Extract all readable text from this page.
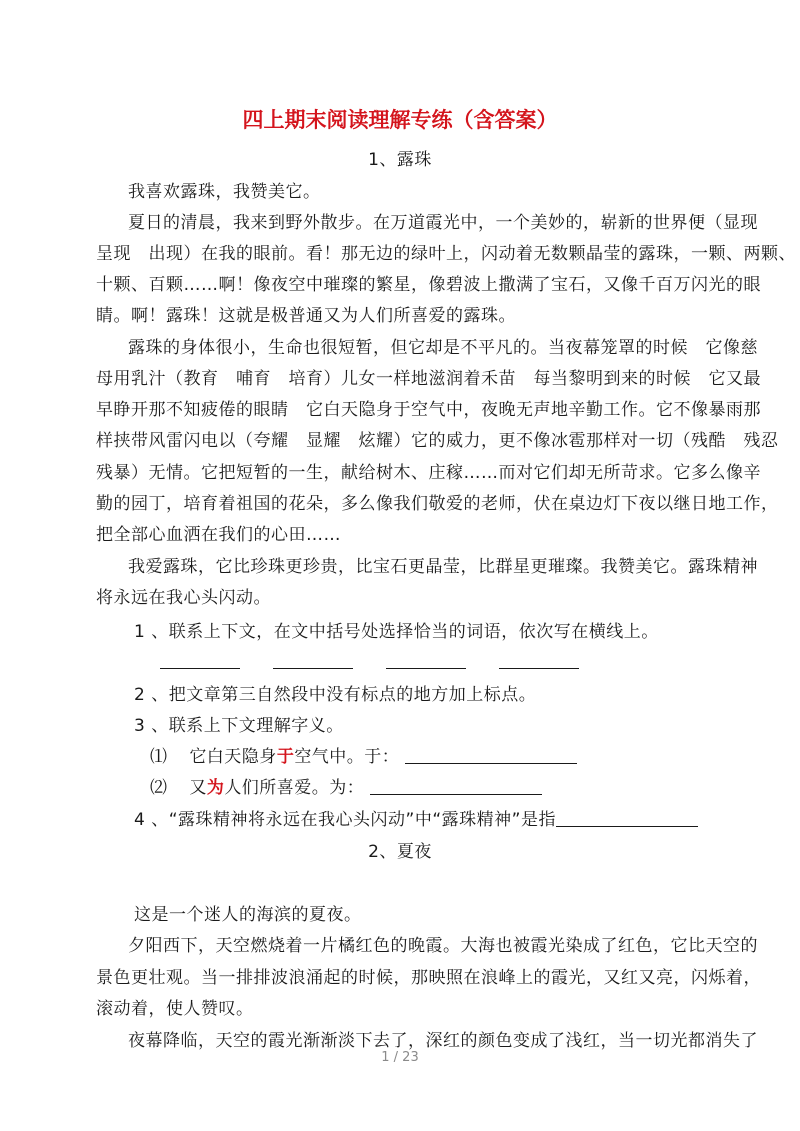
四上期末阅读理解专练（含答案）
1、露珠
我喜欢露珠，我赞美它。
夏日的清晨，我来到野外散步。在万道霞光中，一个美妙的，崭新的世界便（显现
呈现　出现）在我的眼前。看！那无边的绿叶上，闪动着无数颗晶莹的露珠，一颗、两颗、
十颗、百颗……啊！像夜空中璀璨的繁星，像碧波上撒满了宝石，又像千百万闪光的眼
睛。啊！露珠！这就是极普通又为人们所喜爱的露珠。
露珠的身体很小，生命也很短暂，但它却是不平凡的。当夜幕笼罩的时候　它像慈
母用乳汁（教育　哺育　培育）儿女一样地滋润着禾苗　每当黎明到来的时候　它又最
早睁开那不知疲倦的眼睛　它白天隐身于空气中，夜晚无声地辛勤工作。它不像暴雨那
样挟带风雷闪电以（夸耀　显耀　炫耀）它的威力，更不像冰雹那样对一切（残酷　残忍
残暴）无情。它把短暂的一生，献给树木、庄稼……而对它们却无所苛求。它多么像辛
勤的园丁，培育着祖国的花朵，多么像我们敬爱的老师，伏在桌边灯下夜以继日地工作，
把全部心血洒在我们的心田……
我爱露珠，它比珍珠更珍贵，比宝石更晶莹，比群星更璀璨。我赞美它。露珠精神
将永远在我心头闪动。
1 、联系上下文，在文中括号处选择恰当的词语，依次写在横线上。
2 、把文章第三自然段中没有标点的地方加上标点。
3 、联系上下文理解字义。
⑴ 它白天隐身于空气中。于：
⑵ 又为人们所喜爱。为：
4 、“露珠精神将永远在我心头闪动”中“露珠精神”是指
2、夏夜
这是一个迷人的海滨的夏夜。
夕阳西下，天空燃烧着一片橘红色的晚霞。大海也被霞光染成了红色，它比天空的
景色更壮观。当一排排波浪涌起的时候，那映照在浪峰上的霞光，又红又亮，闪烁着，
滚动着，使人赞叹。
夜幕降临，天空的霞光渐渐淡下去了，深红的颜色变成了浅红，当一切光都消失了
1 / 23
